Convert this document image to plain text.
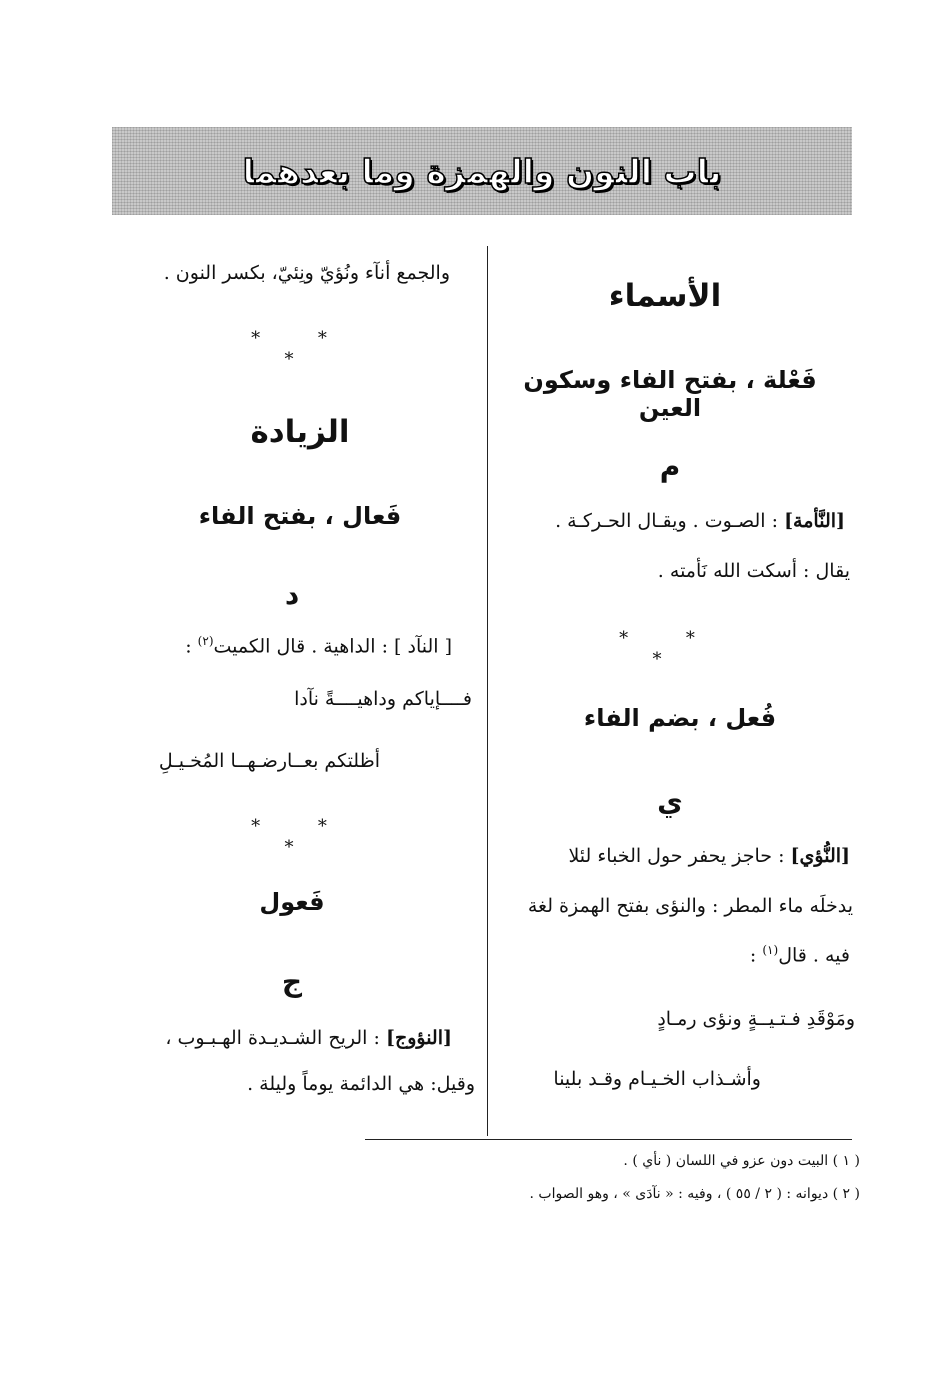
باب النون والهمزة وما بعدهما
الأسماء
فَعْلة ، بفتح الفاء وسكون العين
م
[النَّأمة] : الصـوت . ويقـال الحـركـة .
يقال : أسكت الله نَأمته .
* * *
فُعل ، بضم الفاء
ي
[النُّؤي] : حاجز يحفر حول الخباء لئلا
يدخلَه ماء المطر : والنؤى بفتح الهمزة لغة
فيه . قال$^{(١)}$ :
ومَوْقَدِ فـتـيــةٍ ونؤى رمـادٍ
وأشـذاب الخـيـام وقـد بلينا
والجمع أنآء ونُؤيّ ونِئيّ، بكسر النون .
* * *
الزيادة
فَعال ، بفتح الفاء
د
[ النآد ] : الداهية . قال الكميت$^{(٢)}$ :
فــــإياكم وداهيــــةً نآدا
أظلتكم بعــارضـهــا المُخـيـلِ
* * *
فَعول
ج
[النؤوج] : الريح الشـديـدة الهـبـوب ،
وقيل: هي الدائمة يوماً وليلة .
( ١ ) البيت دون عزو في اللسان ( نأي ) .
( ٢ ) ديوانه : ( ٢ / ٥٥ ) ، وفيه : « نآدَى » ، وهو الصواب .
